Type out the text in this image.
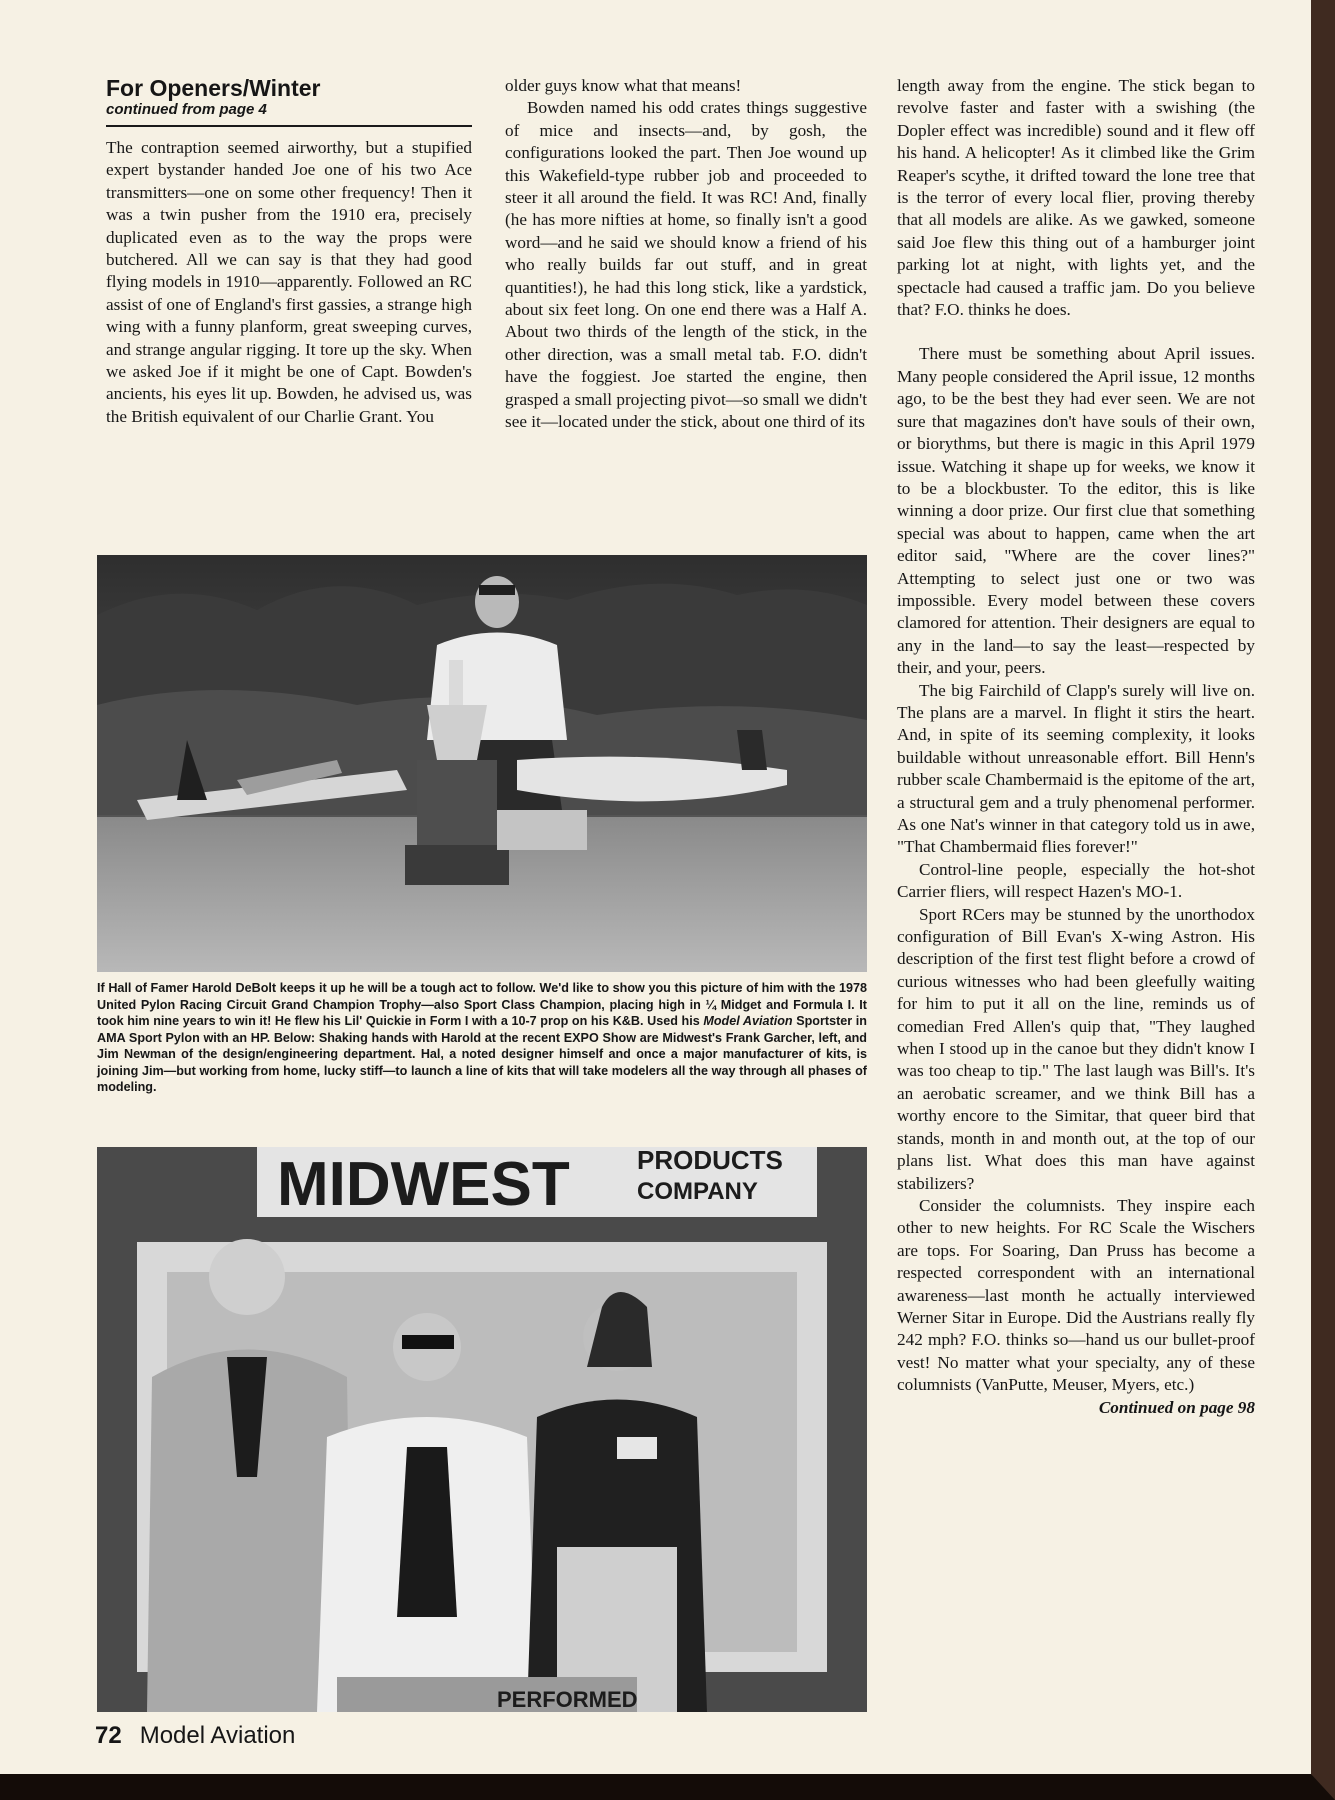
For Openers/Winter
continued from page 4

The contraption seemed airworthy, but a stupified expert bystander handed Joe one of his two Ace transmitters—one on some other frequency! Then it was a twin pusher from the 1910 era, precisely duplicated even as to the way the props were butchered. All we can say is that they had good flying models in 1910—apparently. Followed an RC assist of one of England's first gassies, a strange high wing with a funny planform, great sweeping curves, and strange angular rigging. It tore up the sky. When we asked Joe if it might be one of Capt. Bowden's ancients, his eyes lit up. Bowden, he advised us, was the British equivalent of our Charlie Grant. You

older guys know what that means!

Bowden named his odd crates things suggestive of mice and insects—and, by gosh, the configurations looked the part. Then Joe wound up this Wakefield-type rubber job and proceeded to steer it all around the field. It was RC! And, finally (he has more nifties at home, so finally isn't a good word—and he said we should know a friend of his who really builds far out stuff, and in great quantities!), he had this long stick, like a yardstick, about six feet long. On one end there was a Half A. About two thirds of the length of the stick, in the other direction, was a small metal tab. F.O. didn't have the foggiest. Joe started the engine, then grasped a small projecting pivot—so small we didn't see it—located under the stick, about one third of its

length away from the engine. The stick began to revolve faster and faster with a swishing (the Dopler effect was incredible) sound and it flew off his hand. A helicopter! As it climbed like the Grim Reaper's scythe, it drifted toward the lone tree that is the terror of every local flier, proving thereby that all models are alike. As we gawked, someone said Joe flew this thing out of a hamburger joint parking lot at night, with lights yet, and the spectacle had caused a traffic jam. Do you believe that? F.O. thinks he does.

There must be something about April issues. Many people considered the April issue, 12 months ago, to be the best they had ever seen. We are not sure that magazines don't have souls of their own, or biorythms, but there is magic in this April 1979 issue. Watching it shape up for weeks, we know it to be a blockbuster. To the editor, this is like winning a door prize. Our first clue that something special was about to happen, came when the art editor said, "Where are the cover lines?" Attempting to select just one or two was impossible. Every model between these covers clamored for attention. Their designers are equal to any in the land—to say the least—respected by their, and your, peers.

The big Fairchild of Clapp's surely will live on. The plans are a marvel. In flight it stirs the heart. And, in spite of its seeming complexity, it looks buildable without unreasonable effort. Bill Henn's rubber scale Chambermaid is the epitome of the art, a structural gem and a truly phenomenal performer. As one Nat's winner in that category told us in awe, "That Chambermaid flies forever!"

Control-line people, especially the hot-shot Carrier fliers, will respect Hazen's MO-1.

Sport RCers may be stunned by the unorthodox configuration of Bill Evan's X-wing Astron. His description of the first test flight before a crowd of curious witnesses who had been gleefully waiting for him to put it all on the line, reminds us of comedian Fred Allen's quip that, "They laughed when I stood up in the canoe but they didn't know I was too cheap to tip." The last laugh was Bill's. It's an aerobatic screamer, and we think Bill has a worthy encore to the Simitar, that queer bird that stands, month in and month out, at the top of our plans list. What does this man have against stabilizers?

Consider the columnists. They inspire each other to new heights. For RC Scale the Wischers are tops. For Soaring, Dan Pruss has become a respected correspondent with an international awareness—last month he actually interviewed Werner Sitar in Europe. Did the Austrians really fly 242 mph? F.O. thinks so—hand us our bullet-proof vest! No matter what your specialty, any of these columnists (VanPutte, Meuser, Myers, etc.)

Continued on page 98

If Hall of Famer Harold DeBolt keeps it up he will be a tough act to follow. We'd like to show you this picture of him with the 1978 United Pylon Racing Circuit Grand Champion Trophy—also Sport Class Champion, placing high in ¼ Midget and Formula I. It took him nine years to win it! He flew his Lil' Quickie in Form I with a 10-7 prop on his K&B. Used his Model Aviation Sportster in AMA Sport Pylon with an HP. Below: Shaking hands with Harold at the recent EXPO Show are Midwest's Frank Garcher, left, and Jim Newman of the design/engineering department. Hal, a noted designer himself and once a major manufacturer of kits, is joining Jim—but working from home, lucky stiff—to launch a line of kits that will take modelers all the way through all phases of modeling.
MIDWEST	PRODUCTS
COMPANY
PERFORMED
72 Model Aviation
